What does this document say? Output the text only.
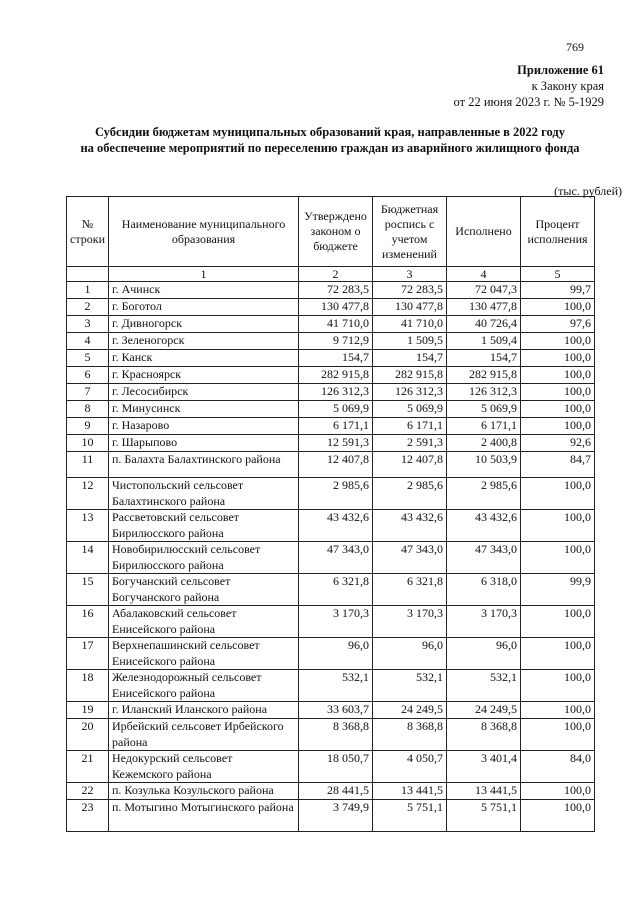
769
Приложение 61
к Закону края
от 22 июня 2023 г. № 5-1929
Субсидии бюджетам муниципальных образований края, направленные в 2022 году
на обеспечение мероприятий по переселению граждан из аварийного жилищного фонда
(тыс. рублей)
№ строки	Наименование муниципального образования	Утверждено законом о бюджете	Бюджетная роспись с учетом изменений	Исполнено	Процент исполнения
	1	2	3	4	5
1	г. Ачинск	72 283,5	72 283,5	72 047,3	99,7
2	г. Боготол	130 477,8	130 477,8	130 477,8	100,0
3	г. Дивногорск	41 710,0	41 710,0	40 726,4	97,6
4	г. Зеленогорск	9 712,9	1 509,5	1 509,4	100,0
5	г. Канск	154,7	154,7	154,7	100,0
6	г. Красноярск	282 915,8	282 915,8	282 915,8	100,0
7	г. Лесосибирск	126 312,3	126 312,3	126 312,3	100,0
8	г. Минусинск	5 069,9	5 069,9	5 069,9	100,0
9	г. Назарово	6 171,1	6 171,1	6 171,1	100,0
10	г. Шарыпово	12 591,3	2 591,3	2 400,8	92,6
11	п. Балахта Балахтинского района	12 407,8	12 407,8	10 503,9	84,7
12	Чистопольский сельсовет Балахтинского района	2 985,6	2 985,6	2 985,6	100,0
13	Рассветовский сельсовет Бирилюсского района	43 432,6	43 432,6	43 432,6	100,0
14	Новобирилюсский сельсовет Бирилюсского района	47 343,0	47 343,0	47 343,0	100,0
15	Богучанский сельсовет Богучанского района	6 321,8	6 321,8	6 318,0	99,9
16	Абалаковский сельсовет Енисейского района	3 170,3	3 170,3	3 170,3	100,0
17	Верхнепашинский сельсовет Енисейского района	96,0	96,0	96,0	100,0
18	Железнодорожный сельсовет Енисейского района	532,1	532,1	532,1	100,0
19	г. Иланский Иланского района	33 603,7	24 249,5	24 249,5	100,0
20	Ирбейский сельсовет Ирбейского района	8 368,8	8 368,8	8 368,8	100,0
21	Недокурский сельсовет Кежемского района	18 050,7	4 050,7	3 401,4	84,0
22	п. Козулька Козульского района	28 441,5	13 441,5	13 441,5	100,0
23	п. Мотыгино Мотыгинского района	3 749,9	5 751,1	5 751,1	100,0
